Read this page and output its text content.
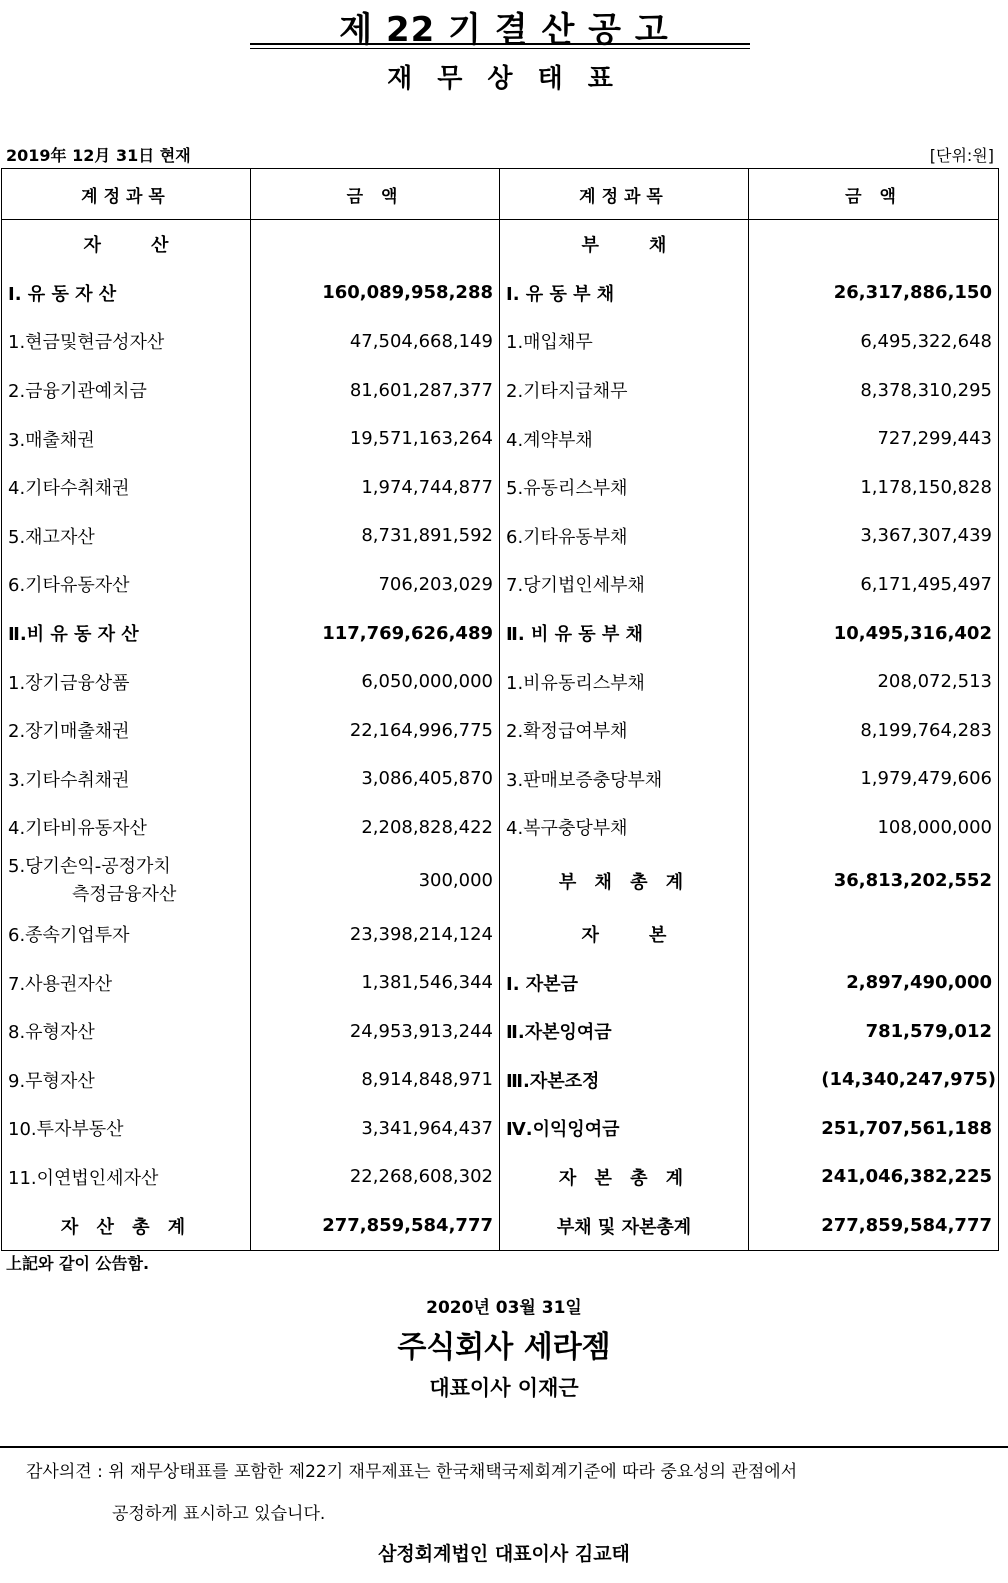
제 22 기 결 산 공 고
재 무 상 태 표
2019年 12月 31日 현재	[단위:원]
계정과목	금 액	계정과목	금 액
자        산		부        채	
Ⅰ. 유 동 자 산	160,089,958,288	I. 유 동 부 채	26,317,886,150
1.현금및현금성자산	47,504,668,149	1.매입채무	6,495,322,648
2.금융기관예치금	81,601,287,377	2.기타지급채무	8,378,310,295
3.매출채권	19,571,163,264	4.계약부채	727,299,443
4.기타수취채권	1,974,744,877	5.유동리스부채	1,178,150,828
5.재고자산	8,731,891,592	6.기타유동부채	3,367,307,439
6.기타유동자산	706,203,029	7.당기법인세부채	6,171,495,497
Ⅱ.비 유 동 자 산	117,769,626,489	Ⅱ. 비 유 동 부 채	10,495,316,402
1.장기금융상품	6,050,000,000	1.비유동리스부채	208,072,513
2.장기매출채권	22,164,996,775	2.확정급여부채	8,199,764,283
3.기타수취채권	3,086,405,870	3.판매보증충당부채	1,979,479,606
4.기타비유동자산	2,208,828,422	4.복구충당부채	108,000,000

5.당기손익-공정가치
측정금융자산	300,000	부 채 총 계	36,813,202,552
6.종속기업투자	23,398,214,124	자        본	
7.사용권자산	1,381,546,344	I. 자본금	2,897,490,000
8.유형자산	24,953,913,244	Ⅱ.자본잉여금	781,579,012
9.무형자산	8,914,848,971	Ⅲ.자본조정	(14,340,247,975)
10.투자부동산	3,341,964,437	Ⅳ.이익잉여금	251,707,561,188
11.이연법인세자산	22,268,608,302	자 본 총 계	241,046,382,225
자 산 총 계	277,859,584,777	부채 및 자본총계	277,859,584,777
上記와 같이 公告함.
2020년 03월 31일
주식회사 세라젬
대표이사 이재근
감사의견 : 위 재무상태표를 포함한 제22기 재무제표는 한국채택국제회계기준에 따라 중요성의 관점에서
공정하게 표시하고 있습니다.
삼정회계법인 대표이사 김교태
